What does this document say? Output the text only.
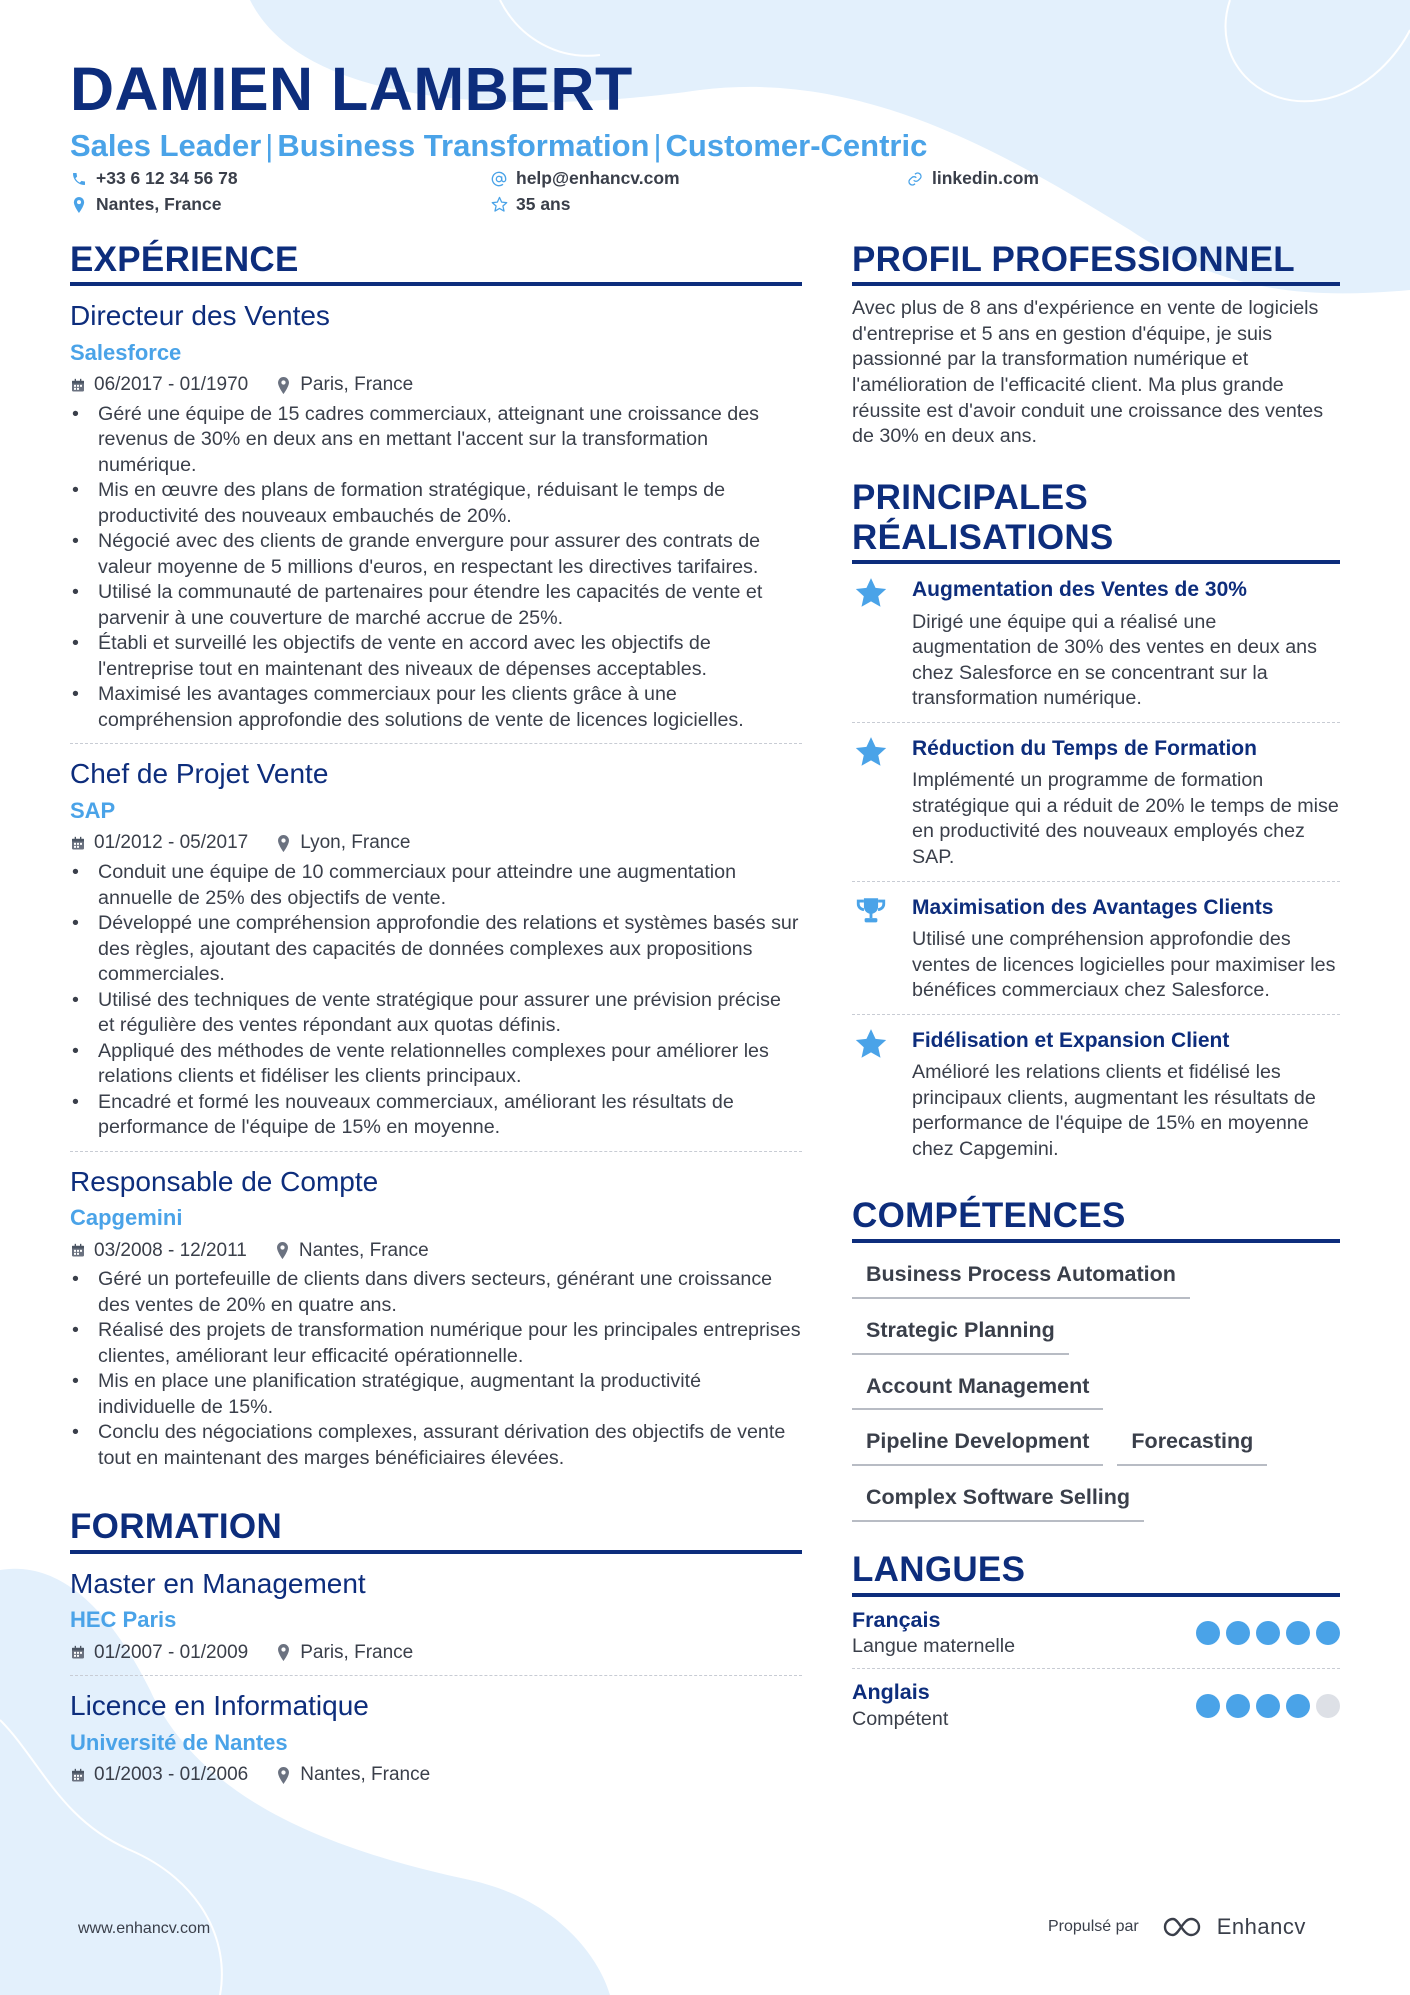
DAMIEN LAMBERT
Sales Leader | Business Transformation | Customer-Centric
+33 6 12 34 56 78	help@enhancv.com	linkedin.com
Nantes, France	35 ans
EXPÉRIENCE
Directeur des Ventes
Salesforce
06/2017 - 01/1970	Paris, France
• Géré une équipe de 15 cadres commerciaux, atteignant une croissance des revenus de 30% en deux ans en mettant l'accent sur la transformation numérique.
• Mis en œuvre des plans de formation stratégique, réduisant le temps de productivité des nouveaux embauchés de 20%.
• Négocié avec des clients de grande envergure pour assurer des contrats de valeur moyenne de 5 millions d'euros, en respectant les directives tarifaires.
• Utilisé la communauté de partenaires pour étendre les capacités de vente et parvenir à une couverture de marché accrue de 25%.
• Établi et surveillé les objectifs de vente en accord avec les objectifs de l'entreprise tout en maintenant des niveaux de dépenses acceptables.
• Maximisé les avantages commerciaux pour les clients grâce à une compréhension approfondie des solutions de vente de licences logicielles.
Chef de Projet Vente
SAP
01/2012 - 05/2017	Lyon, France
• Conduit une équipe de 10 commerciaux pour atteindre une augmentation annuelle de 25% des objectifs de vente.
• Développé une compréhension approfondie des relations et systèmes basés sur des règles, ajoutant des capacités de données complexes aux propositions commerciales.
• Utilisé des techniques de vente stratégique pour assurer une prévision précise et régulière des ventes répondant aux quotas définis.
• Appliqué des méthodes de vente relationnelles complexes pour améliorer les relations clients et fidéliser les clients principaux.
• Encadré et formé les nouveaux commerciaux, améliorant les résultats de performance de l'équipe de 15% en moyenne.
Responsable de Compte
Capgemini
03/2008 - 12/2011	Nantes, France
• Géré un portefeuille de clients dans divers secteurs, générant une croissance des ventes de 20% en quatre ans.
• Réalisé des projets de transformation numérique pour les principales entreprises clientes, améliorant leur efficacité opérationnelle.
• Mis en place une planification stratégique, augmentant la productivité individuelle de 15%.
• Conclu des négociations complexes, assurant dérivation des objectifs de vente tout en maintenant des marges bénéficiaires élevées.
FORMATION
Master en Management
HEC Paris
01/2007 - 01/2009	Paris, France
Licence en Informatique
Université de Nantes
01/2003 - 01/2006	Nantes, France
PROFIL PROFESSIONNEL
Avec plus de 8 ans d'expérience en vente de logiciels d'entreprise et 5 ans en gestion d'équipe, je suis passionné par la transformation numérique et l'amélioration de l'efficacité client. Ma plus grande réussite est d'avoir conduit une croissance des ventes de 30% en deux ans.
PRINCIPALES
RÉALISATIONS
Augmentation des Ventes de 30%
Dirigé une équipe qui a réalisé une augmentation de 30% des ventes en deux ans chez Salesforce en se concentrant sur la transformation numérique.
Réduction du Temps de Formation
Implémenté un programme de formation stratégique qui a réduit de 20% le temps de mise en productivité des nouveaux employés chez SAP.
Maximisation des Avantages Clients
Utilisé une compréhension approfondie des ventes de licences logicielles pour maximiser les bénéfices commerciaux chez Salesforce.
Fidélisation et Expansion Client
Amélioré les relations clients et fidélisé les principaux clients, augmentant les résultats de performance de l'équipe de 15% en moyenne chez Capgemini.
COMPÉTENCES
Business Process Automation
Strategic Planning
Account Management
Pipeline Development	Forecasting
Complex Software Selling
LANGUES
Français
Langue maternelle
Anglais
Compétent
www.enhancv.com	Propulsé par	Enhancv
